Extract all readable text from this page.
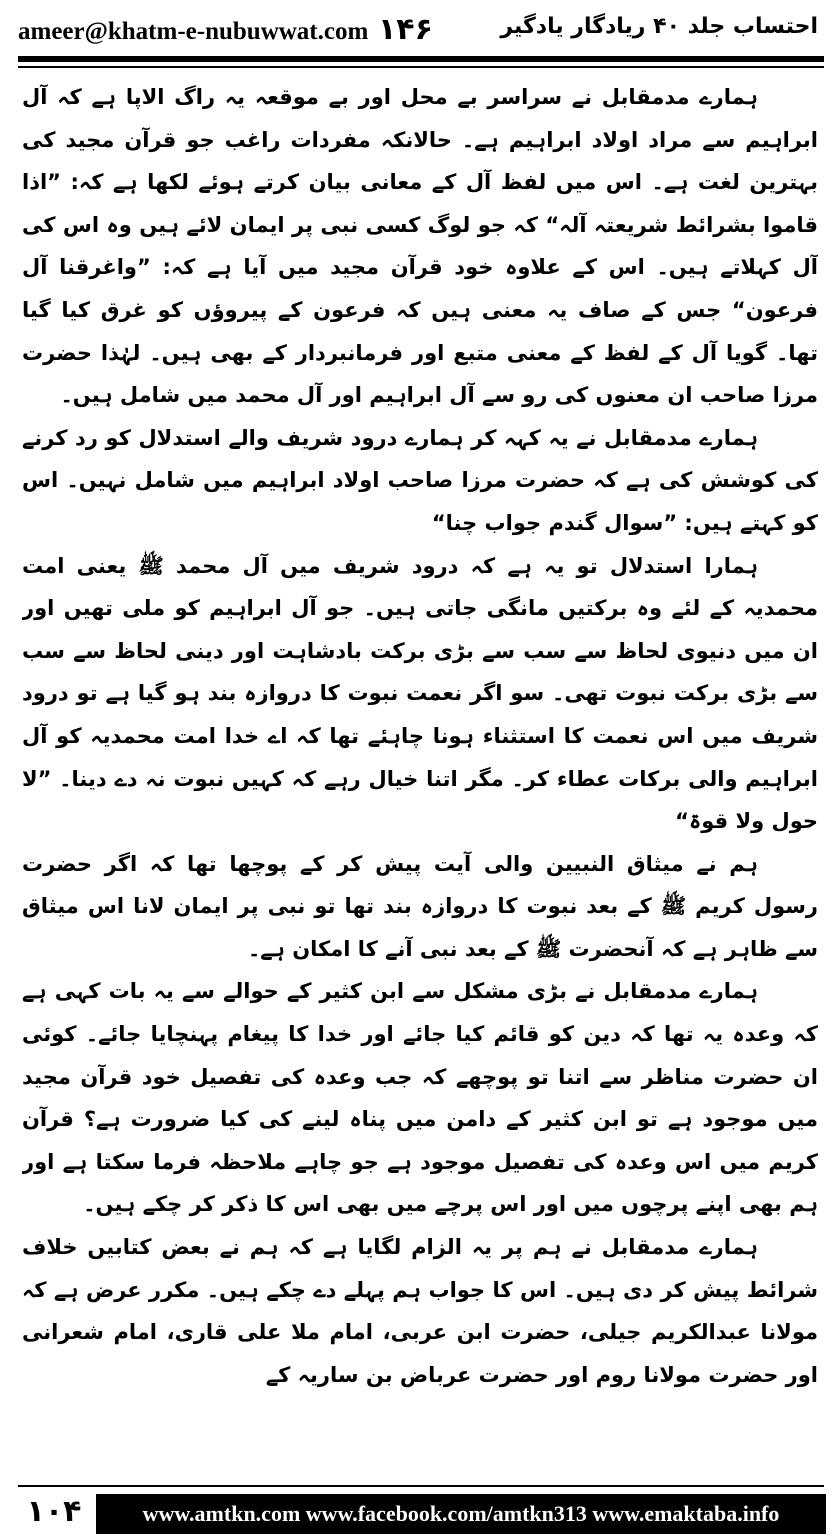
ameer@khatm-e-nubuwwat.com ۱۴۶	احتساب جلد ۴۰ ریادگار یادگیر

ہمارے مدمقابل نے سراسر بے محل اور بے موقعہ یہ راگ الاپا ہے کہ آل ابراہیم سے مراد اولاد ابراہیم ہے۔ حالانکہ مفردات راغب جو قرآن مجید کی بہترین لغت ہے۔ اس میں لفظ آل کے معانی بیان کرتے ہوئے لکھا ہے کہ: ”اذا قاموا بشرائط شریعتہ آلہ“ کہ جو لوگ کسی نبی پر ایمان لائے ہیں وہ اس کی آل کہلاتے ہیں۔ اس کے علاوہ خود قرآن مجید میں آیا ہے کہ: ”واغرقنا آل فرعون“ جس کے صاف یہ معنی ہیں کہ فرعون کے پیروؤں کو غرق کیا گیا تھا۔ گویا آل کے لفظ کے معنی متبع اور فرمانبردار کے بھی ہیں۔ لہٰذا حضرت مرزا صاحب ان معنوں کی رو سے آل ابراہیم اور آل محمد میں شامل ہیں۔

ہمارے مدمقابل نے یہ کہہ کر ہمارے درود شریف والے استدلال کو رد کرنے کی کوشش کی ہے کہ حضرت مرزا صاحب اولاد ابراہیم میں شامل نہیں۔ اس کو کہتے ہیں: ”سوال گندم جواب چنا“

ہمارا استدلال تو یہ ہے کہ درود شریف میں آل محمد ﷺ یعنی امت محمدیہ کے لئے وہ برکتیں مانگی جاتی ہیں۔ جو آل ابراہیم کو ملی تھیں اور ان میں دنیوی لحاظ سے سب سے بڑی برکت بادشاہت اور دینی لحاظ سے سب سے بڑی برکت نبوت تھی۔ سو اگر نعمت نبوت کا دروازہ بند ہو گیا ہے تو درود شریف میں اس نعمت کا استثناء ہونا چاہئے تھا کہ اے خدا امت محمدیہ کو آل ابراہیم والی برکات عطاء کر۔ مگر اتنا خیال رہے کہ کہیں نبوت نہ دے دینا۔ ”لا حول ولا قوۃ“

ہم نے میثاق النبیین والی آیت پیش کر کے پوچھا تھا کہ اگر حضرت رسول کریم ﷺ کے بعد نبوت کا دروازہ بند تھا تو نبی پر ایمان لانا اس میثاق سے ظاہر ہے کہ آنحضرت ﷺ کے بعد نبی آنے کا امکان ہے۔

ہمارے مدمقابل نے بڑی مشکل سے ابن کثیر کے حوالے سے یہ بات کہی ہے کہ وعدہ یہ تھا کہ دین کو قائم کیا جائے اور خدا کا پیغام پہنچایا جائے۔ کوئی ان حضرت مناظر سے اتنا تو پوچھے کہ جب وعدہ کی تفصیل خود قرآن مجید میں موجود ہے تو ابن کثیر کے دامن میں پناہ لینے کی کیا ضرورت ہے؟ قرآن کریم میں اس وعدہ کی تفصیل موجود ہے جو چاہے ملاحظہ فرما سکتا ہے اور ہم بھی اپنے پرچوں میں اور اس پرچے میں بھی اس کا ذکر کر چکے ہیں۔

ہمارے مدمقابل نے ہم پر یہ الزام لگایا ہے کہ ہم نے بعض کتابیں خلاف شرائط پیش کر دی ہیں۔ اس کا جواب ہم پہلے دے چکے ہیں۔ مکرر عرض ہے کہ مولانا عبدالکریم جیلی، حضرت ابن عربی، امام ملا علی قاری، امام شعرانی اور حضرت مولانا روم اور حضرت عرباض بن ساریہ کے

۱۰۴	www.amtkn.com www.facebook.com/amtkn313 www.emaktaba.info
